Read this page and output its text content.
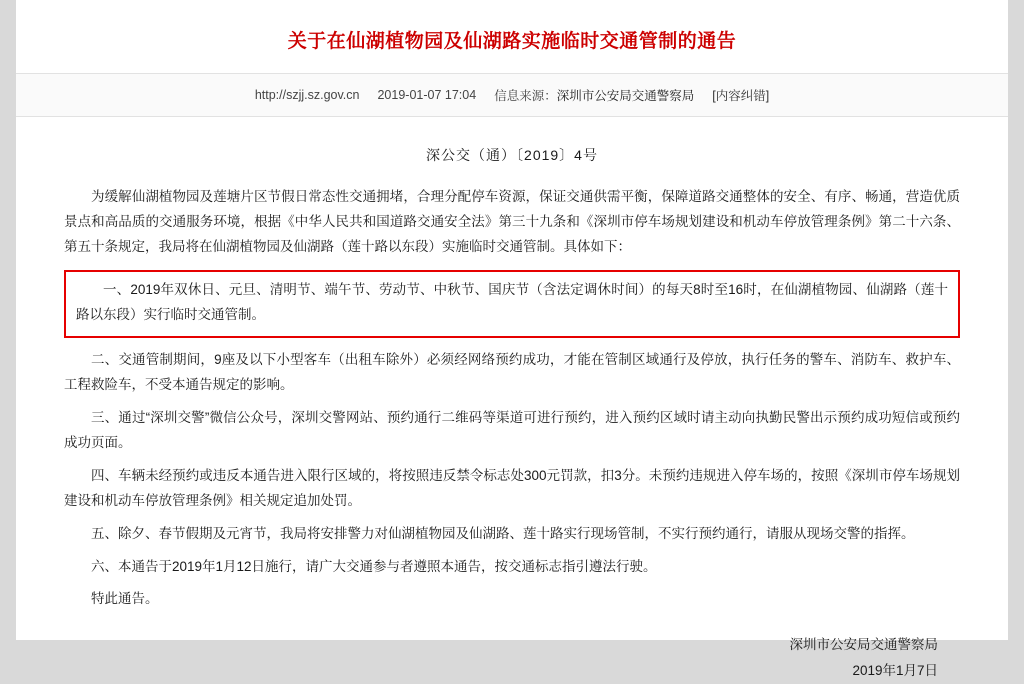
关于在仙湖植物园及仙湖路实施临时交通管制的通告
http://szjj.sz.gov.cn 2019-01-07 17:04 信息来源：深圳市公安局交通警察局 [内容纠错]

深公交（通）〔2019〕4号

为缓解仙湖植物园及莲塘片区节假日常态性交通拥堵，合理分配停车资源，保证交通供需平衡，保障道路交通整体的安全、有序、畅通，营造优质景点和高品质的交通服务环境，根据《中华人民共和国道路交通安全法》第三十九条和《深圳市停车场规划建设和机动车停放管理条例》第二十六条、第五十条规定，我局将在仙湖植物园及仙湖路（莲十路以东段）实施临时交通管制。具体如下：

一、2019年双休日、元旦、清明节、端午节、劳动节、中秋节、国庆节（含法定调休时间）的每天8时至16时，在仙湖植物园、仙湖路（莲十路以东段）实行临时交通管制。

二、交通管制期间，9座及以下小型客车（出租车除外）必须经网络预约成功，才能在管制区域通行及停放，执行任务的警车、消防车、救护车、工程救险车，不受本通告规定的影响。

三、通过“深圳交警”微信公众号，深圳交警网站、预约通行二维码等渠道可进行预约，进入预约区域时请主动向执勤民警出示预约成功短信或预约成功页面。

四、车辆未经预约或违反本通告进入限行区域的，将按照违反禁令标志处300元罚款，扣3分。未预约违规进入停车场的，按照《深圳市停车场规划建设和机动车停放管理条例》相关规定追加处罚。

五、除夕、春节假期及元宵节，我局将安排警力对仙湖植物园及仙湖路、莲十路实行现场管制，不实行预约通行，请服从现场交警的指挥。

六、本通告于2019年1月12日施行，请广大交通参与者遵照本通告，按交通标志指引遵法行驶。

特此通告。

深圳市公安局交通警察局
2019年1月7日
